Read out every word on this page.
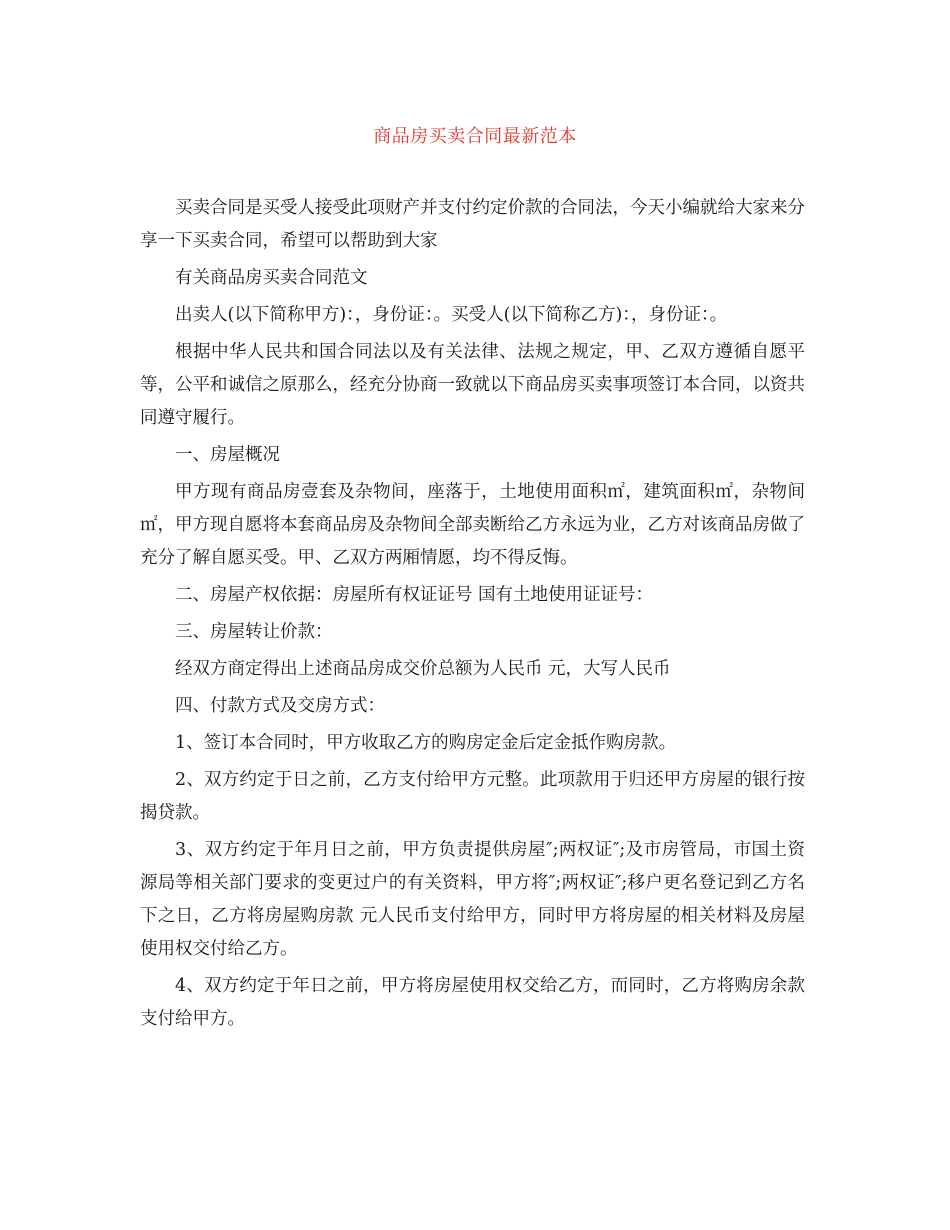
商品房买卖合同最新范本

买卖合同是买受人接受此项财产并支付约定价款的合同法，今天小编就给大家来分享一下买卖合同，希望可以帮助到大家

有关商品房买卖合同范文

出卖人(以下简称甲方)：，身份证：。买受人(以下简称乙方)：，身份证：。

根据中华人民共和国合同法以及有关法律、法规之规定，甲、乙双方遵循自愿平等，公平和诚信之原那么，经充分协商一致就以下商品房买卖事项签订本合同，以资共同遵守履行。

一、房屋概况

甲方现有商品房壹套及杂物间，座落于，土地使用面积㎡，建筑面积㎡，杂物间㎡，甲方现自愿将本套商品房及杂物间全部卖断给乙方永远为业，乙方对该商品房做了充分了解自愿买受。甲、乙双方两厢情愿，均不得反悔。

二、房屋产权依据：房屋所有权证证号 国有土地使用证证号：

三、房屋转让价款：

经双方商定得出上述商品房成交价总额为人民币 元，大写人民币

四、付款方式及交房方式：

1、签订本合同时，甲方收取乙方的购房定金后定金抵作购房款。

2、双方约定于日之前，乙方支付给甲方元整。此项款用于归还甲方房屋的银行按揭贷款。

3、双方约定于年月日之前，甲方负责提供房屋″;两权证″;及市房管局，市国土资源局等相关部门要求的变更过户的有关资料，甲方将″;两权证″;移户更名登记到乙方名下之日，乙方将房屋购房款 元人民币支付给甲方，同时甲方将房屋的相关材料及房屋使用权交付给乙方。

4、双方约定于年日之前，甲方将房屋使用权交给乙方，而同时，乙方将购房余款 支付给甲方。
